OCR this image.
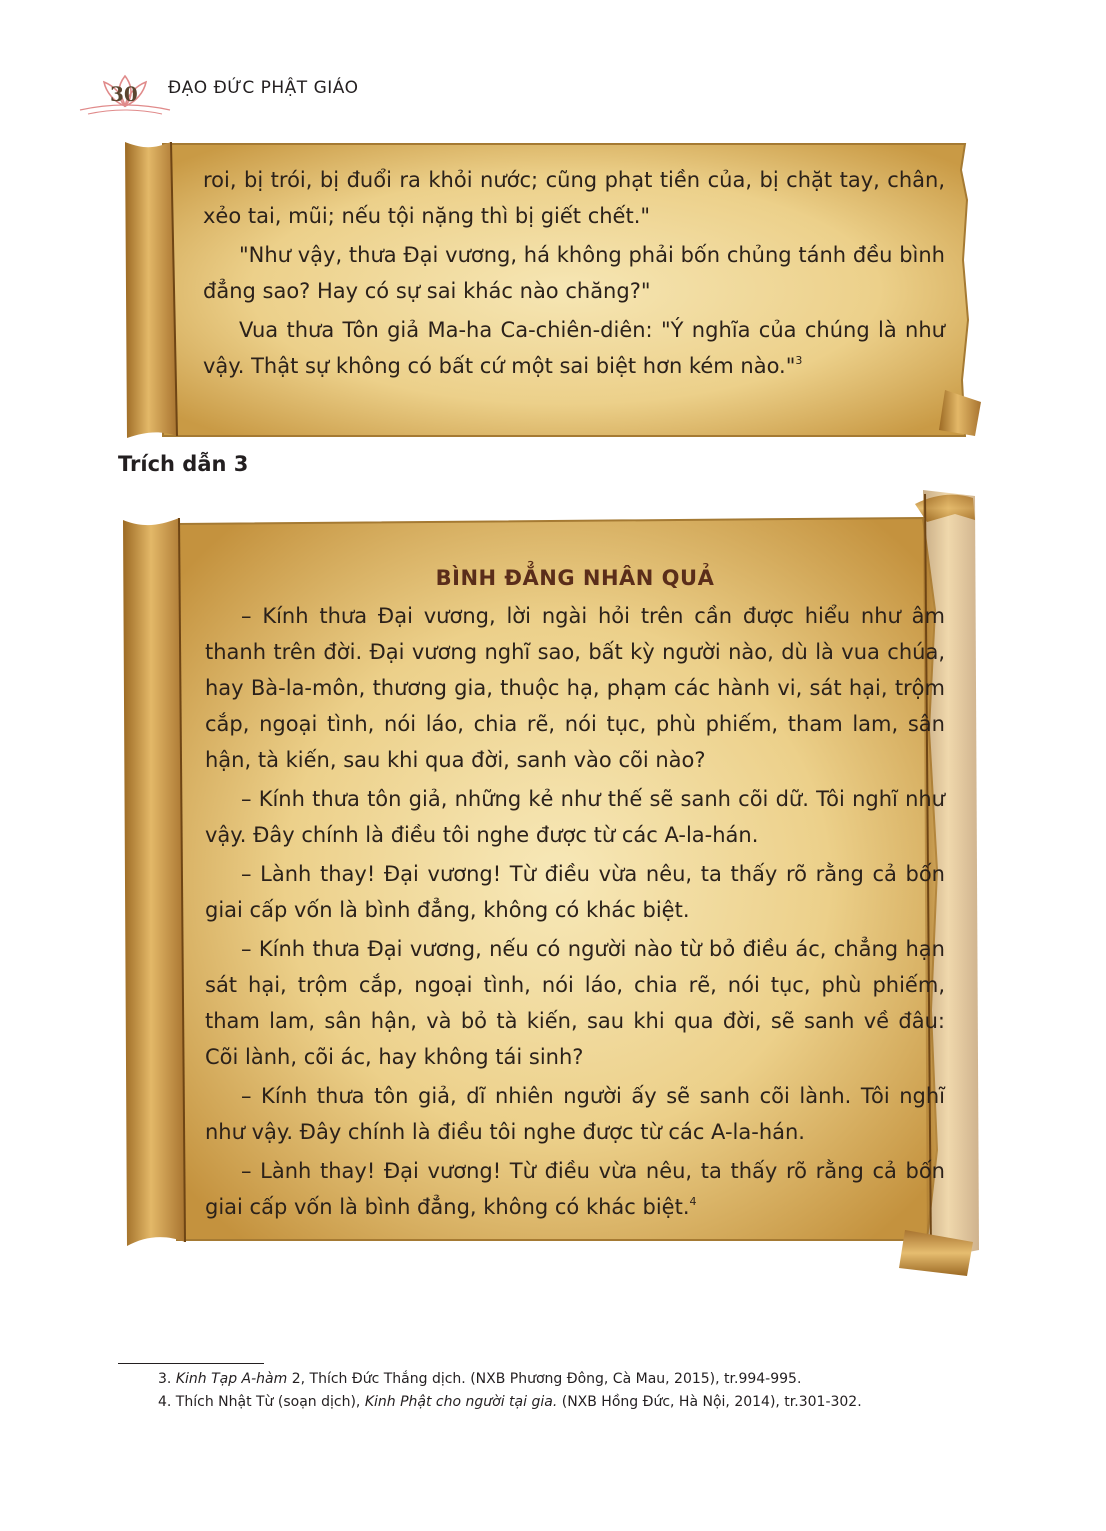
30 ĐẠO ĐỨC PHẬT GIÁO

roi, bị trói, bị đuổi ra khỏi nước; cũng phạt tiền của, bị chặt tay, chân, xẻo tai, mũi; nếu tội nặng thì bị giết chết."

"Như vậy, thưa Đại vương, há không phải bốn chủng tánh đều bình đẳng sao? Hay có sự sai khác nào chăng?"

Vua thưa Tôn giả Ma-ha Ca-chiên-diên: "Ý nghĩa của chúng là như vậy. Thật sự không có bất cứ một sai biệt hơn kém nào."$^3$

Trích dẫn 3

BÌNH ĐẲNG NHÂN QUẢ

– Kính thưa Đại vương, lời ngài hỏi trên cần được hiểu như âm thanh trên đời. Đại vương nghĩ sao, bất kỳ người nào, dù là vua chúa, hay Bà-la-môn, thương gia, thuộc hạ, phạm các hành vi, sát hại, trộm cắp, ngoại tình, nói láo, chia rẽ, nói tục, phù phiếm, tham lam, sân hận, tà kiến, sau khi qua đời, sanh vào cõi nào?

– Kính thưa tôn giả, những kẻ như thế sẽ sanh cõi dữ. Tôi nghĩ như vậy. Đây chính là điều tôi nghe được từ các A-la-hán.

– Lành thay! Đại vương! Từ điều vừa nêu, ta thấy rõ rằng cả bốn giai cấp vốn là bình đẳng, không có khác biệt.

– Kính thưa Đại vương, nếu có người nào từ bỏ điều ác, chẳng hạn sát hại, trộm cắp, ngoại tình, nói láo, chia rẽ, nói tục, phù phiếm, tham lam, sân hận, và bỏ tà kiến, sau khi qua đời, sẽ sanh về đâu: Cõi lành, cõi ác, hay không tái sinh?

– Kính thưa tôn giả, dĩ nhiên người ấy sẽ sanh cõi lành. Tôi nghĩ như vậy. Đây chính là điều tôi nghe được từ các A-la-hán.

– Lành thay! Đại vương! Từ điều vừa nêu, ta thấy rõ rằng cả bốn giai cấp vốn là bình đẳng, không có khác biệt.$^4$

3. Kinh Tạp A-hàm 2, Thích Đức Thắng dịch. (NXB Phương Đông, Cà Mau, 2015), tr.994-995.

4. Thích Nhật Từ (soạn dịch), Kinh Phật cho người tại gia. (NXB Hồng Đức, Hà Nội, 2014), tr.301-302.
